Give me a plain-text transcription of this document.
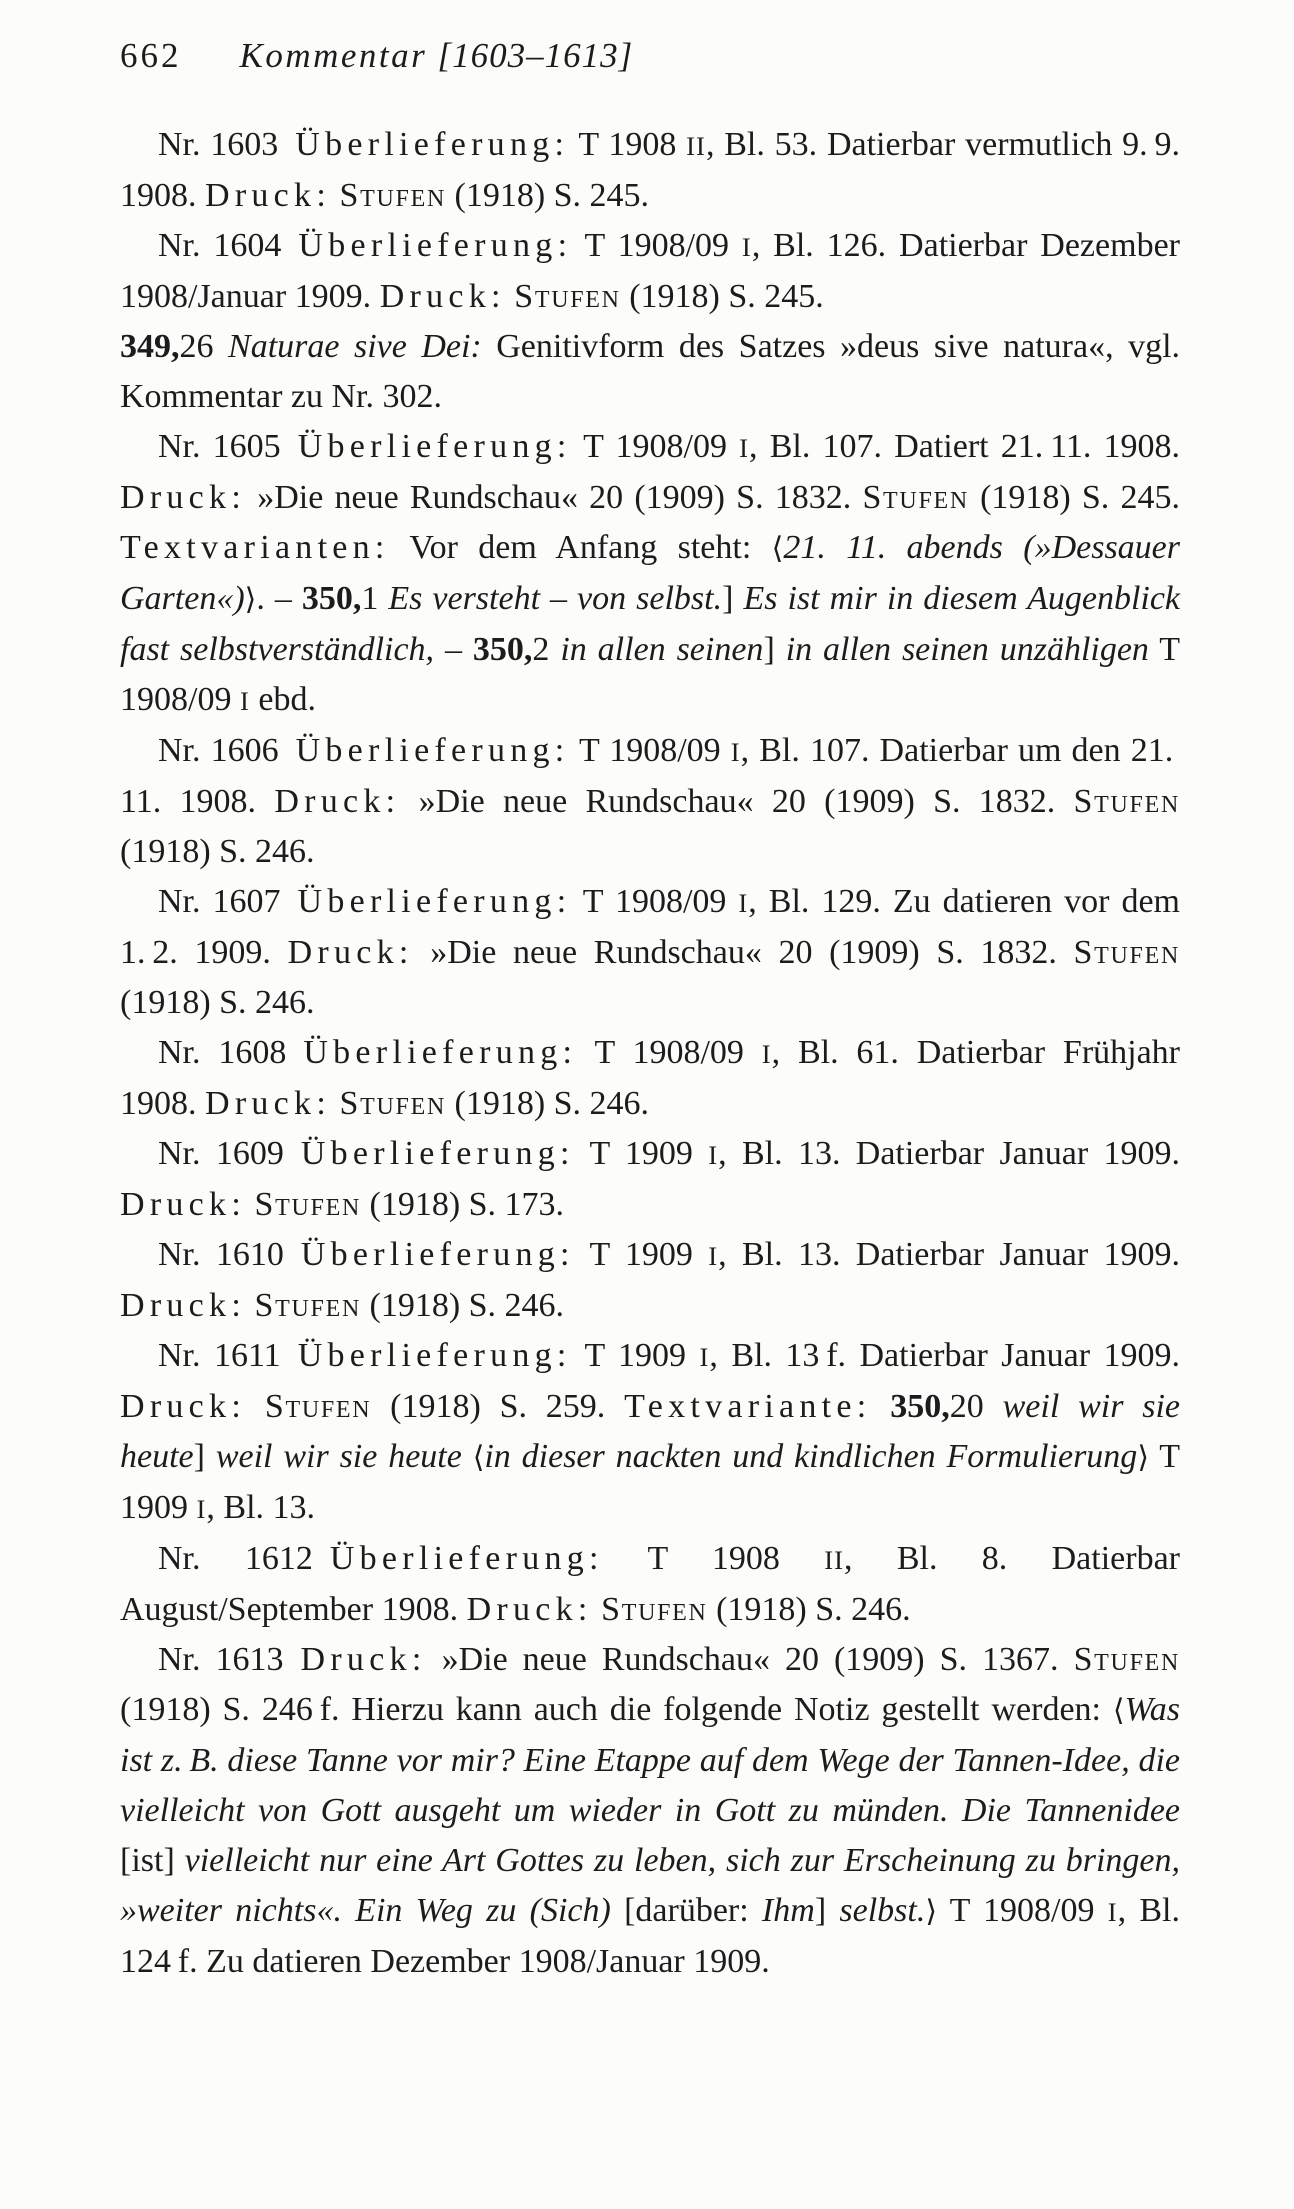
662 Kommentar  [1603–1613]

Nr. 1603 Überlieferung: T 1908 II, Bl. 53. Datierbar vermutlich 9. 9. 1908. Druck: Stufen (1918) S. 245.

Nr. 1604 Überlieferung: T 1908/09 I, Bl. 126. Datierbar Dezember 1908/Januar 1909. Druck: Stufen (1918) S. 245.

349,26 Naturae sive Dei: Genitivform des Satzes »deus sive natura«, vgl. Kommentar zu Nr. 302.

Nr. 1605 Überlieferung: T 1908/09 I, Bl. 107. Datiert 21. 11. 1908. Druck: »Die neue Rundschau« 20 (1909) S. 1832. Stufen (1918) S. 245. Textvarianten: Vor dem Anfang steht: ⟨21. 11. abends (»Dessauer Garten«)⟩. – 350,1 Es versteht – von selbst.] Es ist mir in diesem Augenblick fast selbstverständlich, – 350,2 in allen seinen] in allen seinen unzähligen T 1908/09 I ebd.

Nr. 1606 Überlieferung: T 1908/09 I, Bl. 107. Datierbar um den 21. 11. 1908. Druck: »Die neue Rundschau« 20 (1909) S. 1832. Stufen (1918) S. 246.

Nr. 1607 Überlieferung: T 1908/09 I, Bl. 129. Zu datieren vor dem 1. 2. 1909. Druck: »Die neue Rundschau« 20 (1909) S. 1832. Stufen (1918) S. 246.

Nr. 1608 Überlieferung: T 1908/09 I, Bl. 61. Datierbar Frühjahr 1908. Druck: Stufen (1918) S. 246.

Nr. 1609 Überlieferung: T 1909 I, Bl. 13. Datierbar Januar 1909. Druck: Stufen (1918) S. 173.

Nr. 1610 Überlieferung: T 1909 I, Bl. 13. Datierbar Januar 1909. Druck: Stufen (1918) S. 246.

Nr. 1611 Überlieferung: T 1909 I, Bl. 13 f. Datierbar Januar 1909. Druck: Stufen (1918) S. 259. Textvariante: 350,20 weil wir sie heute] weil wir sie heute ⟨in dieser nackten und kindlichen Formulierung⟩ T 1909 I, Bl. 13.

Nr. 1612 Überlieferung: T 1908 II, Bl. 8. Datierbar August/September 1908. Druck: Stufen (1918) S. 246.

Nr. 1613 Druck: »Die neue Rundschau« 20 (1909) S. 1367. Stufen (1918) S. 246 f. Hierzu kann auch die folgende Notiz gestellt werden: ⟨Was ist z. B. diese Tanne vor mir? Eine Etappe auf dem Wege der Tannen-Idee, die vielleicht von Gott ausgeht um wieder in Gott zu münden. Die Tannenidee [ist] vielleicht nur eine Art Gottes zu leben, sich zur Erscheinung zu bringen, »weiter nichts«. Ein Weg zu (Sich) [darüber: Ihm] selbst.⟩ T 1908/09 I, Bl. 124 f. Zu datieren Dezember 1908/Januar 1909.
